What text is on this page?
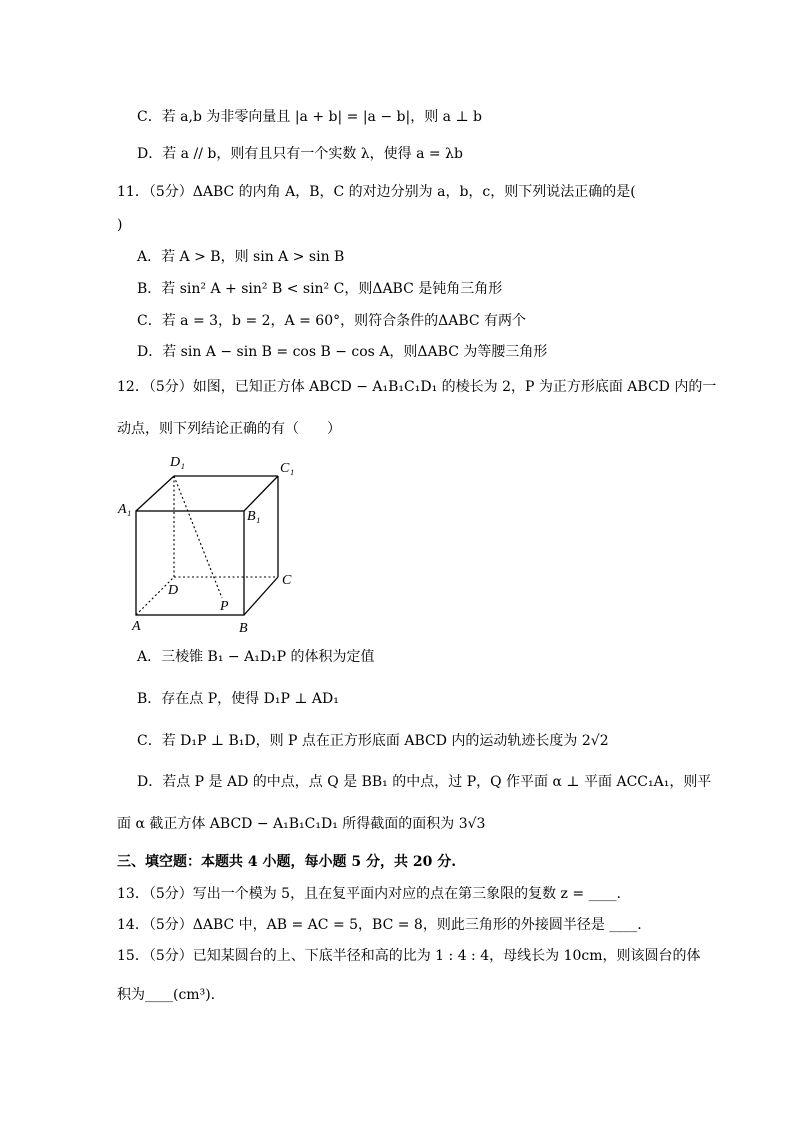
C．若 a,b 为非零向量且 |a + b| = |a − b|，则 a ⊥ b
D．若 a // b，则有且只有一个实数 λ，使得 a = λb
11．（5分）ΔABC 的内角 A，B，C 的对边分别为 a，b，c，则下列说法正确的是(
)
A．若 A > B，则 sin A > sin B
B．若 sin² A + sin² B < sin² C，则ΔABC 是钝角三角形
C．若 a = 3，b = 2，A = 60°，则符合条件的ΔABC 有两个
D．若 sin A − sin B = cos B − cos A，则ΔABC 为等腰三角形
12．（5分）如图，已知正方体 ABCD − A₁B₁C₁D₁ 的棱长为 2，P 为正方形底面 ABCD 内的一
动点，则下列结论正确的有（　　）
D₁	C₁
A₁	B₁
D
C
P
A	B
A．三棱锥 B₁ − A₁D₁P 的体积为定值
B．存在点 P，使得 D₁P ⊥ AD₁
C．若 D₁P ⊥ B₁D，则 P 点在正方形底面 ABCD 内的运动轨迹长度为 2√2
D．若点 P 是 AD 的中点，点 Q 是 BB₁ 的中点，过 P，Q 作平面 α ⊥ 平面 ACC₁A₁，则平
面 α 截正方体 ABCD − A₁B₁C₁D₁ 所得截面的面积为 3√3
三、填空题：本题共 4 小题，每小题 5 分，共 20 分.
13．（5分）写出一个模为 5，且在复平面内对应的点在第三象限的复数 z = ____.
14．（5分）ΔABC 中，AB = AC = 5，BC = 8，则此三角形的外接圆半径是 ____.
15．（5分）已知某圆台的上、下底半径和高的比为 1 : 4 : 4，母线长为 10cm，则该圆台的体
积为____(cm³).
